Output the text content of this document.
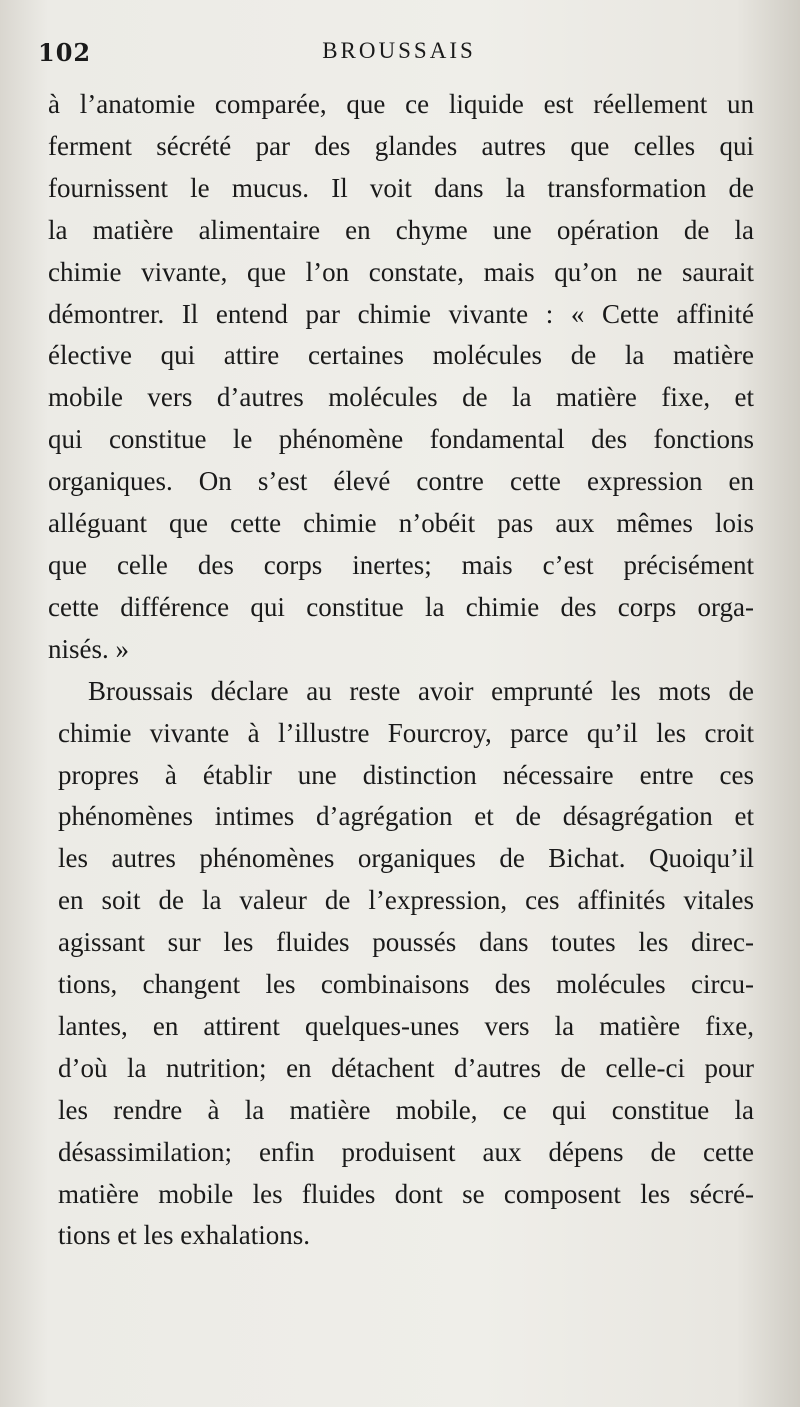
102	BROUSSAIS
à l’anatomie comparée, que ce liquide est réellement un
ferment sécrété par des glandes autres que celles qui
fournissent le mucus. Il voit dans la transformation de
la matière alimentaire en chyme une opération de la
chimie vivante, que l’on constate, mais qu’on ne saurait
démontrer. Il entend par chimie vivante : « Cette affinité
élective qui attire certaines molécules de la matière
mobile vers d’autres molécules de la matière fixe, et
qui constitue le phénomène fondamental des fonctions
organiques. On s’est élevé contre cette expression en
alléguant que cette chimie n’obéit pas aux mêmes lois
que celle des corps inertes; mais c’est précisément
cette différence qui constitue la chimie des corps orga-
nisés. »
Broussais déclare au reste avoir emprunté les mots de
chimie vivante à l’illustre Fourcroy, parce qu’il les croit
propres à établir une distinction nécessaire entre ces
phénomènes intimes d’agrégation et de désagrégation et
les autres phénomènes organiques de Bichat. Quoiqu’il
en soit de la valeur de l’expression, ces affinités vitales
agissant sur les fluides poussés dans toutes les direc-
tions, changent les combinaisons des molécules circu-
lantes, en attirent quelques-unes vers la matière fixe,
d’où la nutrition; en détachent d’autres de celle-ci pour
les rendre à la matière mobile, ce qui constitue la
désassimilation; enfin produisent aux dépens de cette
matière mobile les fluides dont se composent les sécré-
tions et les exhalations.
